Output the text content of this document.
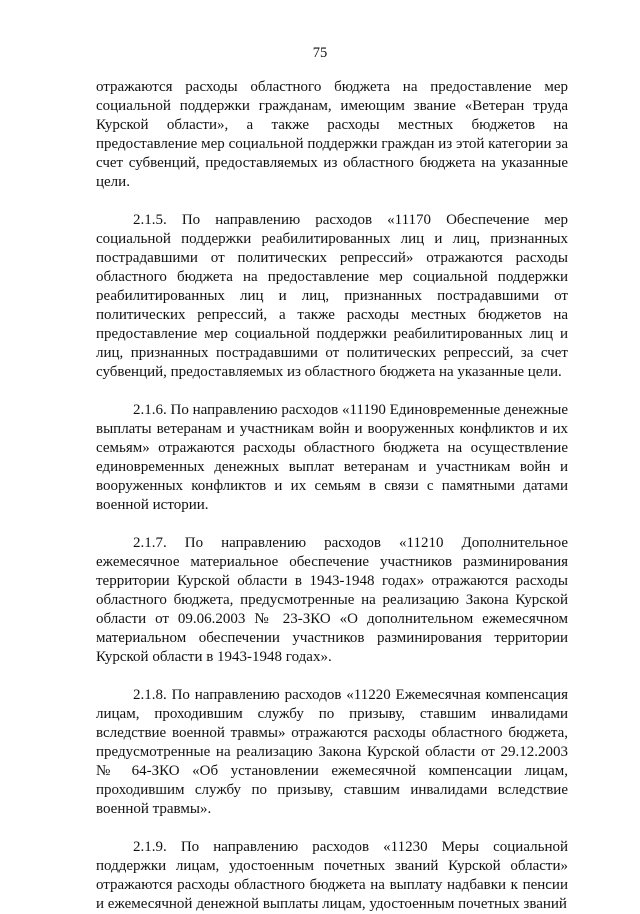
75

отражаются расходы областного бюджета на предоставление мер социальной поддержки гражданам, имеющим звание «Ветеран труда Курской области», а также расходы местных бюджетов на предоставление мер социальной поддержки граждан из этой категории за счет субвенций, предоставляемых из областного бюджета на указанные цели.

2.1.5. По направлению расходов «11170 Обеспечение мер социальной поддержки реабилитированных лиц и лиц, признанных пострадавшими от политических репрессий» отражаются расходы областного бюджета на предоставление мер социальной поддержки реабилитированных лиц и лиц, признанных пострадавшими от политических репрессий, а также расходы местных бюджетов на предоставление мер социальной поддержки реабилитированных лиц и лиц, признанных пострадавшими от политических репрессий, за счет субвенций, предоставляемых из областного бюджета на указанные цели.

2.1.6. По направлению расходов «11190 Единовременные денежные выплаты ветеранам и участникам войн и вооруженных конфликтов и их семьям» отражаются расходы областного бюджета на осуществление единовременных денежных выплат ветеранам и участникам войн и вооруженных конфликтов и их семьям в связи с памятными датами военной истории.

2.1.7. По направлению расходов «11210 Дополнительное ежемесячное материальное обеспечение участников разминирования территории Курской области в 1943-1948 годах» отражаются расходы областного бюджета, предусмотренные на реализацию Закона Курской области от 09.06.2003 № 23-ЗКО «О дополнительном ежемесячном материальном обеспечении участников разминирования территории Курской области в 1943-1948 годах».

2.1.8. По направлению расходов «11220 Ежемесячная компенсация лицам, проходившим службу по призыву, ставшим инвалидами вследствие военной травмы» отражаются расходы областного бюджета, предусмотренные на реализацию Закона Курской области от 29.12.2003 № 64-ЗКО «Об установлении ежемесячной компенсации лицам, проходившим службу по призыву, ставшим инвалидами вследствие военной травмы».

2.1.9. По направлению расходов «11230 Меры социальной поддержки лицам, удостоенным почетных званий Курской области» отражаются расходы областного бюджета на выплату надбавки к пенсии и ежемесячной денежной выплаты лицам, удостоенным почетных званий
